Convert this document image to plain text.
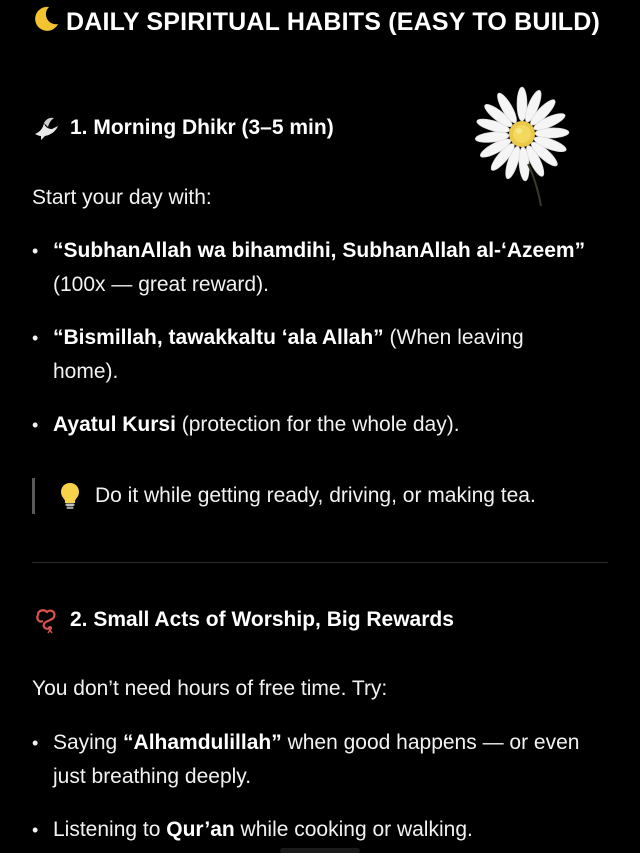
DAILY SPIRITUAL HABITS (EASY TO BUILD)
1. Morning Dhikr (3–5 min)

Start your day with:

• “SubhanAllah wa bihamdihi, SubhanAllah al-‘Azeem” (100x — great reward).
• “Bismillah, tawakkaltu ‘ala Allah” (When leaving home).
• Ayatul Kursi (protection for the whole day).
Do it while getting ready, driving, or making tea.
2. Small Acts of Worship, Big Rewards

You don’t need hours of free time. Try:

• Saying “Alhamdulillah” when good happens — or even just breathing deeply.
• Listening to Qur’an while cooking or walking.
